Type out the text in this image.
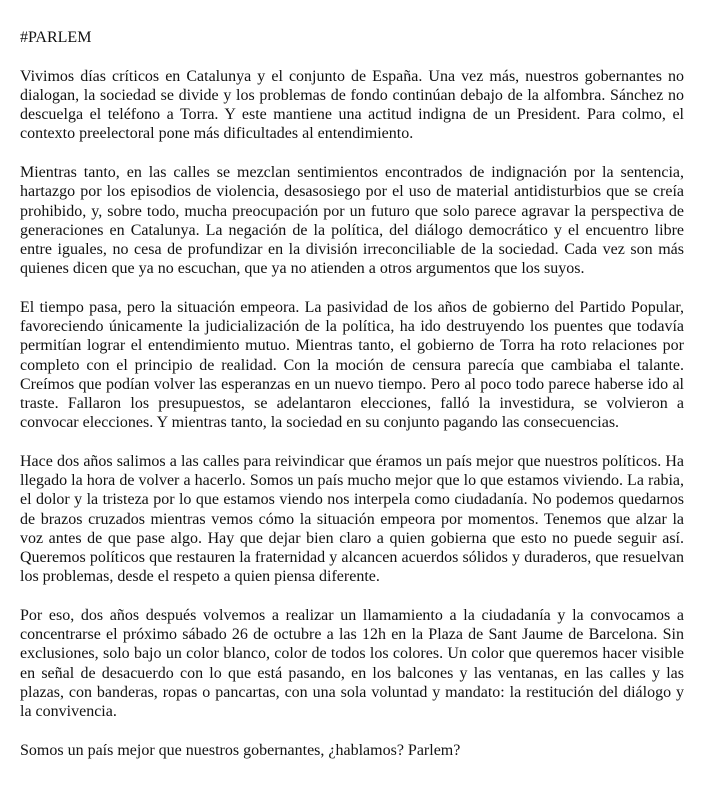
#PARLEM

Vivimos días críticos en Catalunya y el conjunto de España. Una vez más, nuestros gobernantes no dialogan, la sociedad se divide y los problemas de fondo continúan debajo de la alfombra. Sánchez no descuelga el teléfono a Torra. Y este mantiene una actitud indigna de un President. Para colmo, el contexto preelectoral pone más dificultades al entendimiento.

Mientras tanto, en las calles se mezclan sentimientos encontrados de indignación por la sentencia, hartazgo por los episodios de violencia, desasosiego por el uso de material antidisturbios que se creía prohibido, y, sobre todo, mucha preocupación por un futuro que solo parece agravar la perspectiva de generaciones en Catalunya. La negación de la política, del diálogo democrático y el encuentro libre entre iguales, no cesa de profundizar en la división irreconciliable de la sociedad. Cada vez son más quienes dicen que ya no escuchan, que ya no atienden a otros argumentos que los suyos.

El tiempo pasa, pero la situación empeora. La pasividad de los años de gobierno del Partido Popular, favoreciendo únicamente la judicialización de la política, ha ido destruyendo los puentes que todavía permitían lograr el entendimiento mutuo. Mientras tanto, el gobierno de Torra ha roto relaciones por completo con el principio de realidad. Con la moción de censura parecía que cambiaba el talante. Creímos que podían volver las esperanzas en un nuevo tiempo. Pero al poco todo parece haberse ido al traste. Fallaron los presupuestos, se adelantaron elecciones, falló la investidura, se volvieron a convocar elecciones. Y mientras tanto, la sociedad en su conjunto pagando las consecuencias.

Hace dos años salimos a las calles para reivindicar que éramos un país mejor que nuestros políticos. Ha llegado la hora de volver a hacerlo. Somos un país mucho mejor que lo que estamos viviendo. La rabia, el dolor y la tristeza por lo que estamos viendo nos interpela como ciudadanía. No podemos quedarnos de brazos cruzados mientras vemos cómo la situación empeora por momentos. Tenemos que alzar la voz antes de que pase algo. Hay que dejar bien claro a quien gobierna que esto no puede seguir así. Queremos políticos que restauren la fraternidad y alcancen acuerdos sólidos y duraderos, que resuelvan los problemas, desde el respeto a quien piensa diferente.

Por eso, dos años después volvemos a realizar un llamamiento a la ciudadanía y la convocamos a concentrarse el próximo sábado 26 de octubre a las 12h en la Plaza de Sant Jaume de Barcelona. Sin exclusiones, solo bajo un color blanco, color de todos los colores. Un color que queremos hacer visible en señal de desacuerdo con lo que está pasando, en los balcones y las ventanas, en las calles y las plazas, con banderas, ropas o pancartas, con una sola voluntad y mandato: la restitución del diálogo y la convivencia.

Somos un país mejor que nuestros gobernantes, ¿hablamos? Parlem?
